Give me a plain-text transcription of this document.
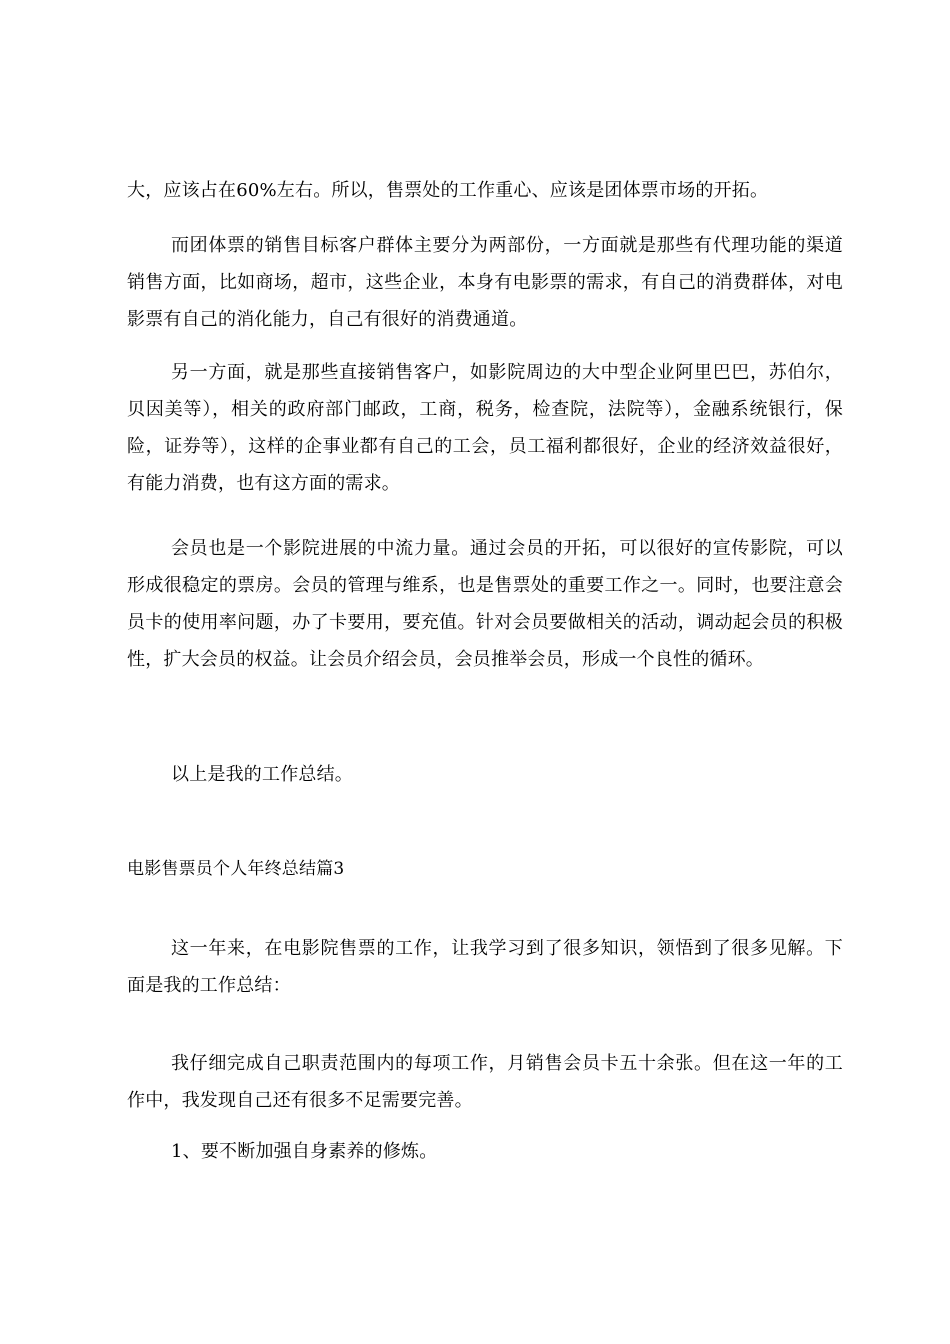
大，应该占在60%左右。所以，售票处的工作重心、应该是团体票市场的开拓。

而团体票的销售目标客户群体主要分为两部份，一方面就是那些有代理功能的渠道销售方面，比如商场，超市，这些企业，本身有电影票的需求，有自己的消费群体，对电影票有自己的消化能力，自己有很好的消费通道。

另一方面，就是那些直接销售客户，如影院周边的大中型企业阿里巴巴，苏伯尔，贝因美等），相关的政府部门邮政，工商，税务，检查院，法院等），金融系统银行，保险，证券等），这样的企事业都有自己的工会，员工福利都很好，企业的经济效益很好，有能力消费，也有这方面的需求。

会员也是一个影院进展的中流力量。通过会员的开拓，可以很好的宣传影院，可以形成很稳定的票房。会员的管理与维系，也是售票处的重要工作之一。同时，也要注意会员卡的使用率问题，办了卡要用，要充值。针对会员要做相关的活动，调动起会员的积极性，扩大会员的权益。让会员介绍会员，会员推举会员，形成一个良性的循环。

以上是我的工作总结。

电影售票员个人年终总结篇3

这一年来，在电影院售票的工作，让我学习到了很多知识，领悟到了很多见解。下面是我的工作总结：

我仔细完成自己职责范围内的每项工作，月销售会员卡五十余张。但在这一年的工作中，我发现自己还有很多不足需要完善。

1、要不断加强自身素养的修炼。
